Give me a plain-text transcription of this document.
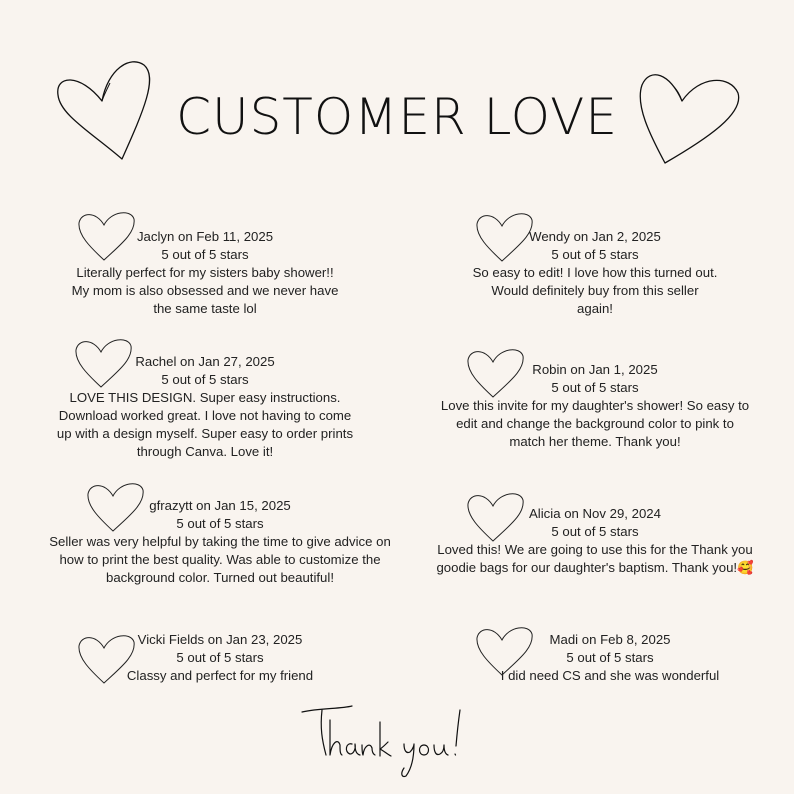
CUSTOMER LOVE
Jaclyn on Feb 11, 2025
5 out of 5 stars
Literally perfect for my sisters baby shower!!
My mom is also obsessed and we never have
the same taste lol
Wendy on Jan 2, 2025
5 out of 5 stars
So easy to edit! I love how this turned out.
Would definitely buy from this seller
again!
Rachel on Jan 27, 2025
5 out of 5 stars
LOVE THIS DESIGN. Super easy instructions.
Download worked great. I love not having to come
up with a design myself. Super easy to order prints
through Canva. Love it!
Robin on Jan 1, 2025
5 out of 5 stars
Love this invite for my daughter's shower! So easy to
edit and change the background color to pink to
match her theme. Thank you!
gfrazytt on Jan 15, 2025
5 out of 5 stars
Seller was very helpful by taking the time to give advice on
how to print the best quality. Was able to customize the
background color. Turned out beautiful!
Alicia on Nov 29, 2024
5 out of 5 stars
Loved this! We are going to use this for the Thank you
goodie bags for our daughter's baptism. Thank you!🥰
Vicki Fields on Jan 23, 2025
5 out of 5 stars
Classy and perfect for my friend
Madi on Feb 8, 2025
5 out of 5 stars
I did need CS and she was wonderful
